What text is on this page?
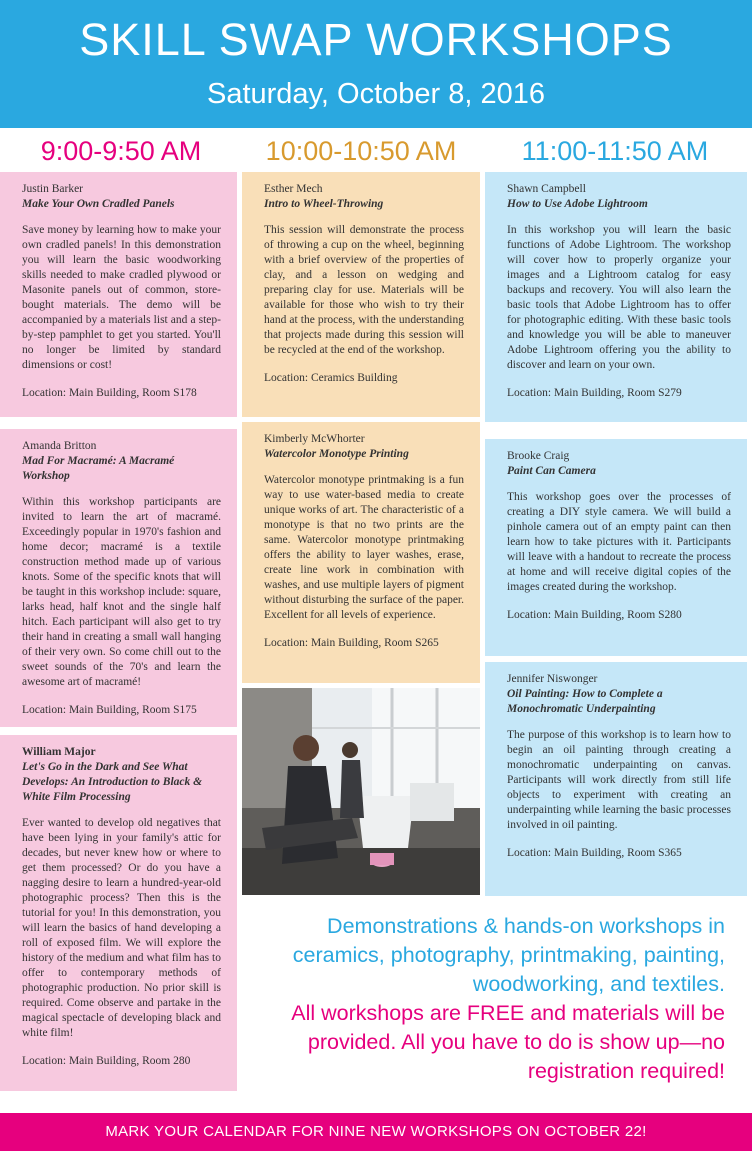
SKILL SWAP WORKSHOPS
Saturday, October 8, 2016
9:00-9:50 AM	10:00-10:50 AM	11:00-11:50 AM
Justin Barker
Make Your Own Cradled Panels
Save money by learning how to make your own cradled panels! In this demonstration you will learn the basic woodworking skills needed to make cradled plywood or Masonite panels out of common, store-bought materials. The demo will be accompanied by a materials list and a step-by-step pamphlet to get you started. You'll no longer be limited by standard dimensions or cost!
Location: Main Building, Room S178
Amanda Britton
Mad For Macramé: A Macramé Workshop
Within this workshop participants are invited to learn the art of macramé. Exceedingly popular in 1970's fashion and home decor; macramé is a textile construction method made up of various knots. Some of the specific knots that will be taught in this workshop include: square, larks head, half knot and the single half hitch. Each participant will also get to try their hand in creating a small wall hanging of their very own. So come chill out to the sweet sounds of the 70's and learn the awesome art of macramé!
Location: Main Building, Room S175
William Major
Let's Go in the Dark and See What Develops: An Introduction to Black & White Film Processing
Ever wanted to develop old negatives that have been lying in your family's attic for decades, but never knew how or where to get them processed? Or do you have a nagging desire to learn a hundred-year-old photographic process? Then this is the tutorial for you! In this demonstration, you will learn the basics of hand developing a roll of exposed film. We will explore the history of the medium and what film has to offer to contemporary methods of photographic production. No prior skill is required. Come observe and partake in the magical spectacle of developing black and white film!
Location: Main Building, Room 280
Esther Mech
Intro to Wheel-Throwing
This session will demonstrate the process of throwing a cup on the wheel, beginning with a brief overview of the properties of clay, and a lesson on wedging and preparing clay for use. Materials will be available for those who wish to try their hand at the process, with the understanding that projects made during this session will be recycled at the end of the workshop.
Location: Ceramics Building
Kimberly McWhorter
Watercolor Monotype Printing
Watercolor monotype printmaking is a fun way to use water-based media to create unique works of art. The characteristic of a monotype is that no two prints are the same. Watercolor monotype printmaking offers the ability to layer washes, erase, create line work in combination with washes, and use multiple layers of pigment without disturbing the surface of the paper. Excellent for all levels of experience.
Location: Main Building, Room S265
Shawn Campbell
How to Use Adobe Lightroom
In this workshop you will learn the basic functions of Adobe Lightroom. The workshop will cover how to properly organize your images and a Lightroom catalog for easy backups and recovery. You will also learn the basic tools that Adobe Lightroom has to offer for photographic editing. With these basic tools and knowledge you will be able to maneuver Adobe Lightroom offering you the ability to discover and learn on your own.
Location: Main Building, Room S279
Brooke Craig
Paint Can Camera
This workshop goes over the processes of creating a DIY style camera. We will build a pinhole camera out of an empty paint can then learn how to take pictures with it. Participants will leave with a handout to recreate the process at home and will receive digital copies of the images created during the workshop.
Location: Main Building, Room S280
Jennifer Niswonger
Oil Painting: How to Complete a Monochromatic Underpainting
The purpose of this workshop is to learn how to begin an oil painting through creating a monochromatic underpainting on canvas. Participants will work directly from still life objects to experiment with creating an underpainting while learning the basic processes involved in oil painting.
Location: Main Building, Room S365
Demonstrations & hands-on workshops in ceramics, photography, printmaking, painting, woodworking, and textiles.
All workshops are FREE and materials will be provided. All you have to do is show up—no registration required!
MARK YOUR CALENDAR FOR NINE NEW WORKSHOPS ON OCTOBER 22!
